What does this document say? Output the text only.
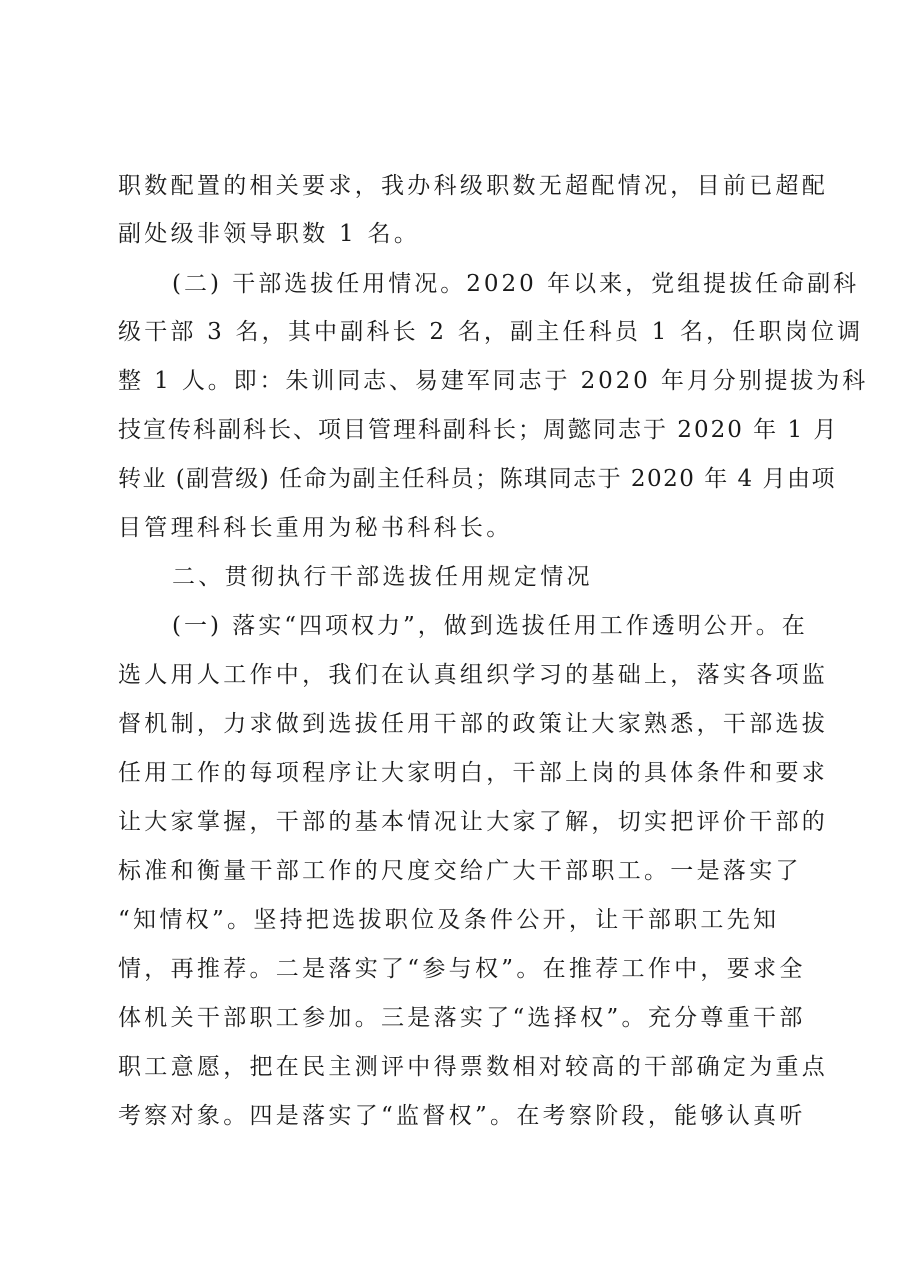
职数配置的相关要求，我办科级职数无超配情况，目前已超配
副处级非领导职数 1 名。
(二) 干部选拔任用情况。2020 年以来，党组提拔任命副科
级干部 3 名，其中副科长 2 名，副主任科员 1 名，任职岗位调
整 1 人。即：朱训同志、易建军同志于 2020 年月分别提拔为科
技宣传科副科长、项目管理科副科长；周懿同志于 2020 年 1 月
转业 (副营级) 任命为副主任科员；陈琪同志于 2020 年 4 月由项
目管理科科长重用为秘书科科长。
二、贯彻执行干部选拔任用规定情况
(一) 落实“四项权力”，做到选拔任用工作透明公开。在
选人用人工作中，我们在认真组织学习的基础上，落实各项监
督机制，力求做到选拔任用干部的政策让大家熟悉，干部选拔
任用工作的每项程序让大家明白，干部上岗的具体条件和要求
让大家掌握，干部的基本情况让大家了解，切实把评价干部的
标准和衡量干部工作的尺度交给广大干部职工。一是落实了
“知情权”。坚持把选拔职位及条件公开，让干部职工先知
情，再推荐。二是落实了“参与权”。在推荐工作中，要求全
体机关干部职工参加。三是落实了“选择权”。充分尊重干部
职工意愿，把在民主测评中得票数相对较高的干部确定为重点
考察对象。四是落实了“监督权”。在考察阶段，能够认真听
